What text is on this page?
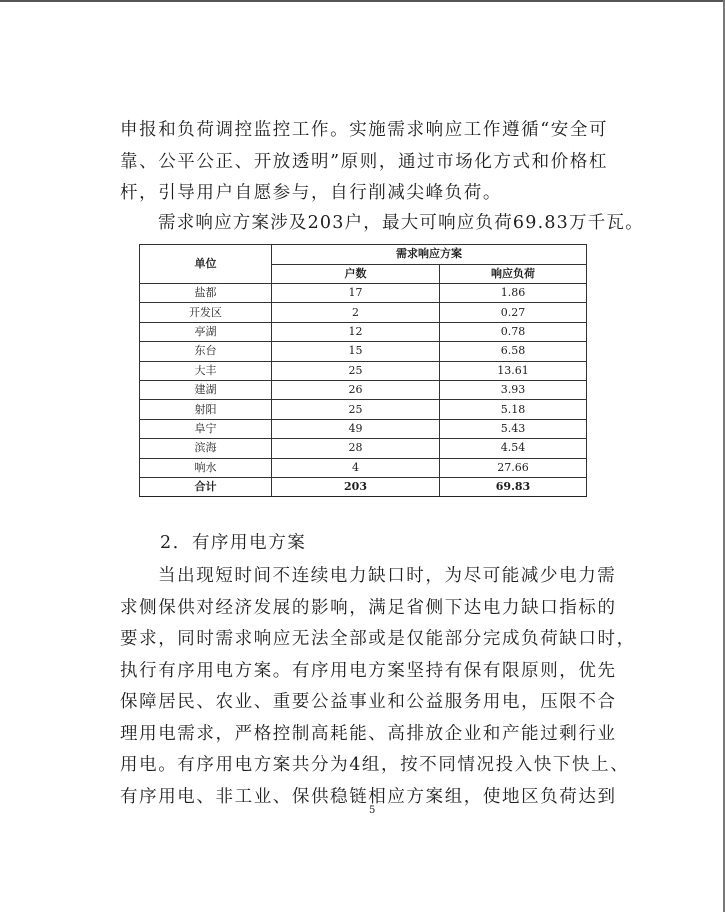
申报和负荷调控监控工作。实施需求响应工作遵循“安全可
靠、公平公正、开放透明”原则，通过市场化方式和价格杠
杆，引导用户自愿参与，自行削减尖峰负荷。

需求响应方案涉及203户，最大可响应负荷69.83万千瓦。

单位	需求响应方案	
	户数	响应负荷
盐都	17	1.86
开发区	2	0.27
亭湖	12	0.78
东台	15	6.58
大丰	25	13.61
建湖	26	3.93
射阳	25	5.18
阜宁	49	5.43
滨海	28	4.54
响水	4	27.66
合计	203	69.83

2．有序用电方案

当出现短时间不连续电力缺口时，为尽可能减少电力需
求侧保供对经济发展的影响，满足省侧下达电力缺口指标的
要求，同时需求响应无法全部或是仅能部分完成负荷缺口时，
执行有序用电方案。有序用电方案坚持有保有限原则，优先
保障居民、农业、重要公益事业和公益服务用电，压限不合
理用电需求，严格控制高耗能、高排放企业和产能过剩行业
用电。有序用电方案共分为4组，按不同情况投入快下快上、
有序用电、非工业、保供稳链相应方案组，使地区负荷达到
5
